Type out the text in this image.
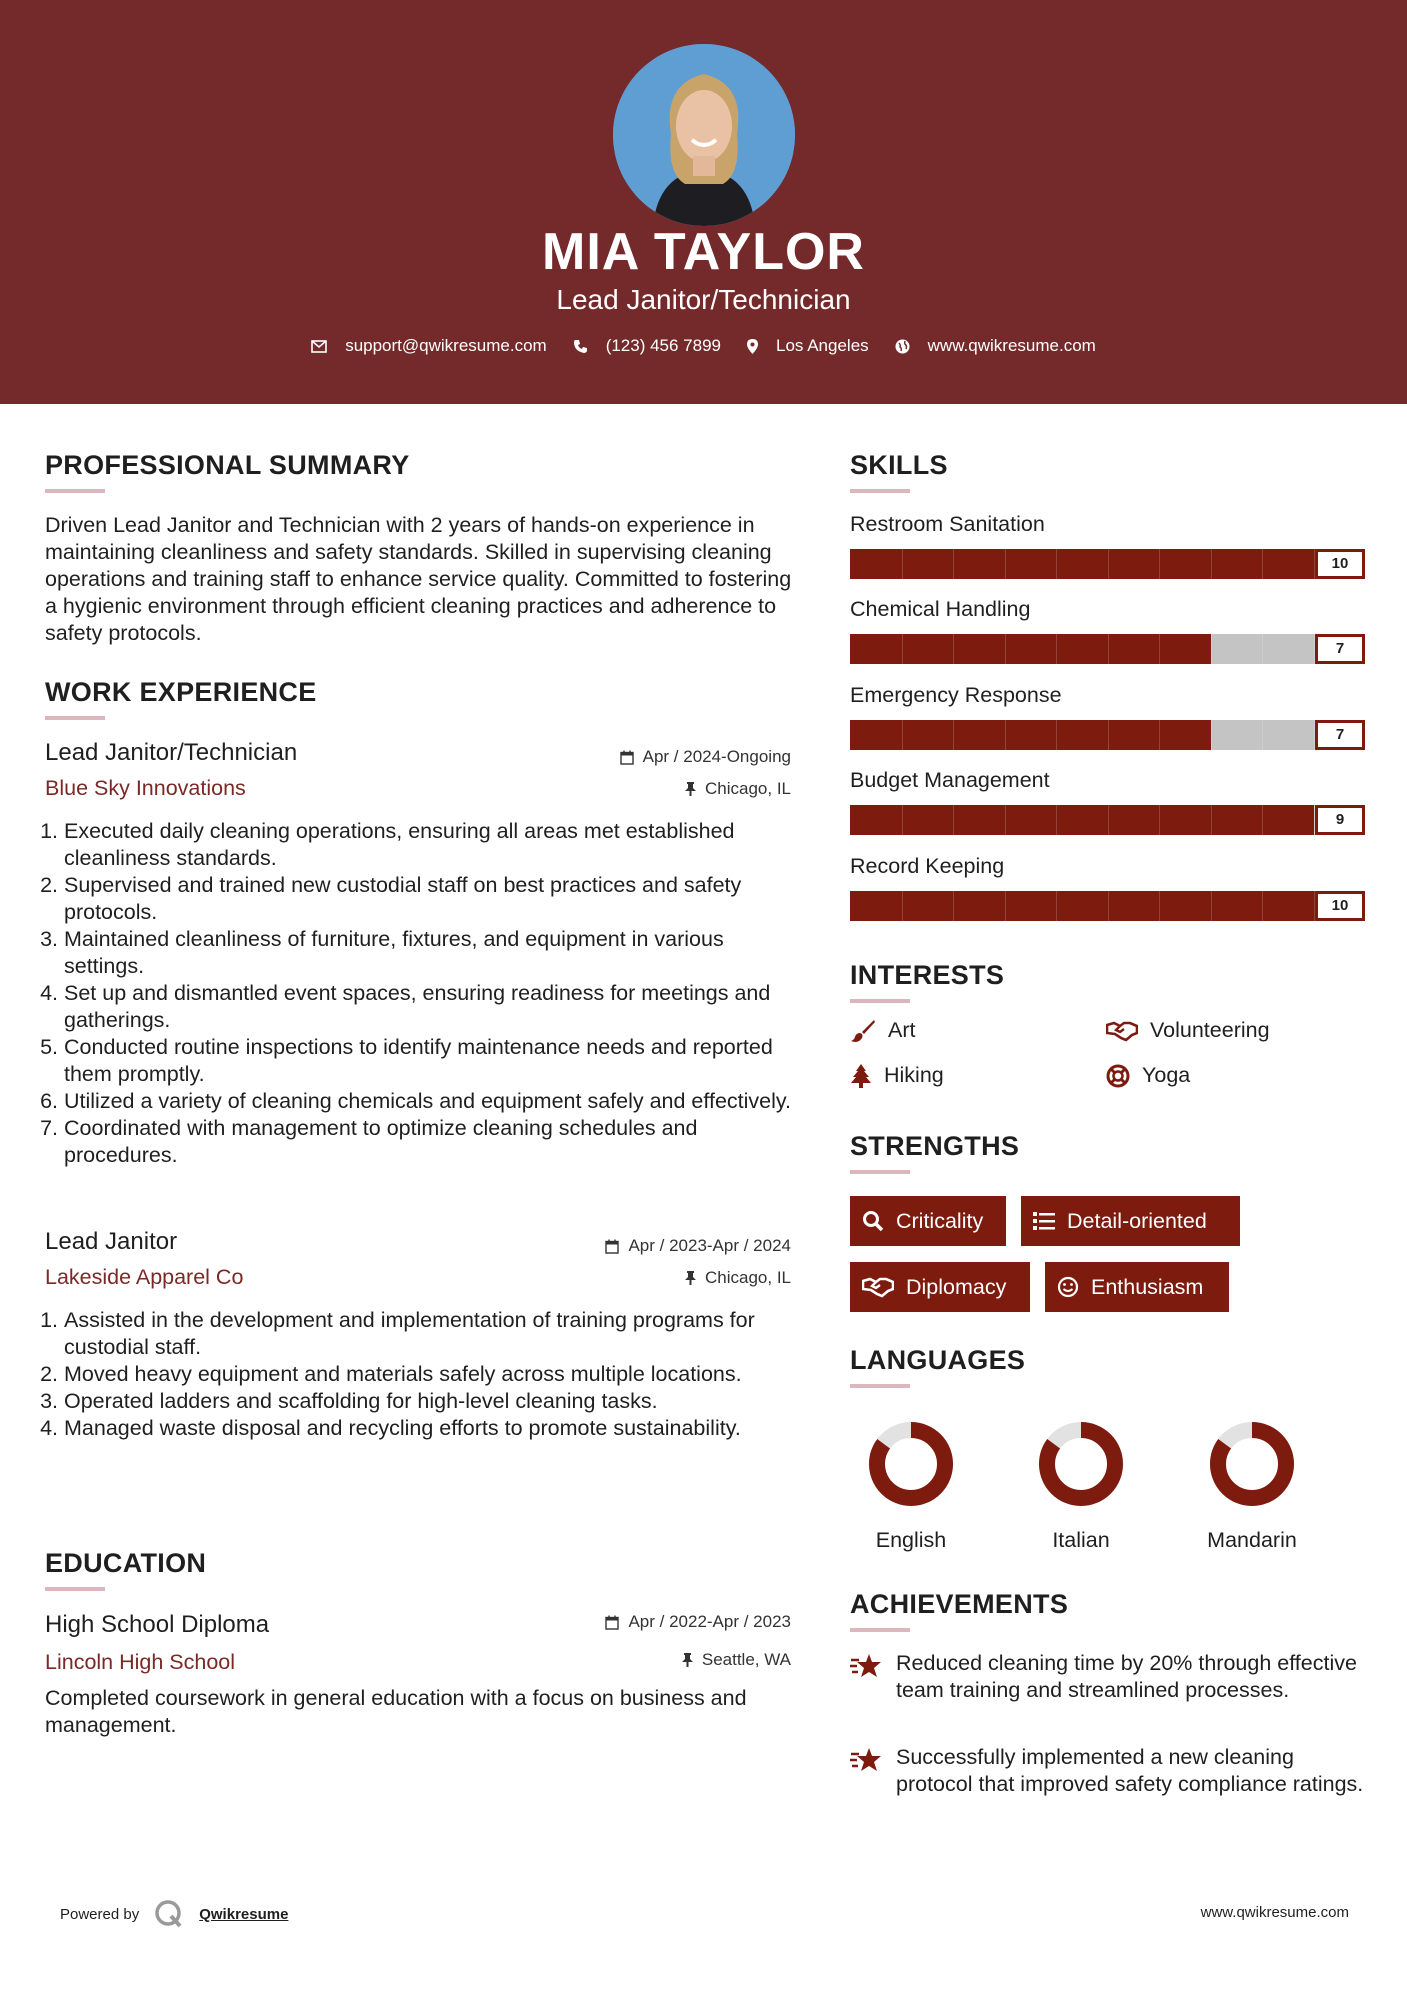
MIA TAYLOR
Lead Janitor/Technician
support@qwikresume.com	(123) 456 7899	Los Angeles	www.qwikresume.com
PROFESSIONAL SUMMARY
Driven Lead Janitor and Technician with 2 years of hands-on experience in maintaining cleanliness and safety standards. Skilled in supervising cleaning operations and training staff to enhance service quality. Committed to fostering a hygienic environment through efficient cleaning practices and adherence to safety protocols.
WORK EXPERIENCE
Lead Janitor/Technician	Apr / 2024-Ongoing
Blue Sky Innovations	Chicago, IL
1. Executed daily cleaning operations, ensuring all areas met established cleanliness standards.
2. Supervised and trained new custodial staff on best practices and safety protocols.
3. Maintained cleanliness of furniture, fixtures, and equipment in various settings.
4. Set up and dismantled event spaces, ensuring readiness for meetings and gatherings.
5. Conducted routine inspections to identify maintenance needs and reported them promptly.
6. Utilized a variety of cleaning chemicals and equipment safely and effectively.
7. Coordinated with management to optimize cleaning schedules and procedures.
Lead Janitor	Apr / 2023-Apr / 2024
Lakeside Apparel Co	Chicago, IL
1. Assisted in the development and implementation of training programs for custodial staff.
2. Moved heavy equipment and materials safely across multiple locations.
3. Operated ladders and scaffolding for high-level cleaning tasks.
4. Managed waste disposal and recycling efforts to promote sustainability.
EDUCATION
High School Diploma	Apr / 2022-Apr / 2023
Lincoln High School	Seattle, WA
Completed coursework in general education with a focus on business and management.
SKILLS
Restroom Sanitation
10
Chemical Handling
7
Emergency Response
7
Budget Management
9
Record Keeping
10
INTERESTS
Art	Volunteering
Hiking	Yoga
STRENGTHS
Criticality	Detail-oriented
Diplomacy	Enthusiasm
LANGUAGES
English	Italian	Mandarin
ACHIEVEMENTS
Reduced cleaning time by 20% through effective team training and streamlined processes.
Successfully implemented a new cleaning protocol that improved safety compliance ratings.
Powered by	Qwikresume	www.qwikresume.com
